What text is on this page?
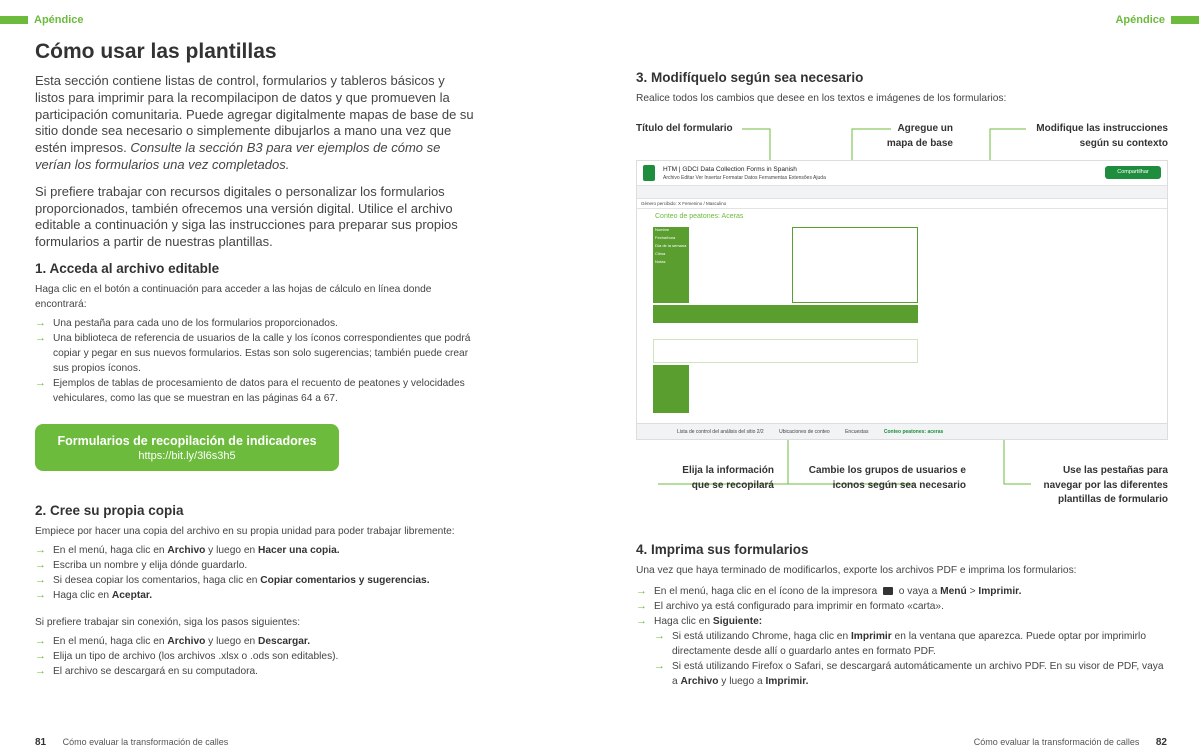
Apéndice	Apéndice
Cómo usar las plantillas

Esta sección contiene listas de control, formularios y tableros básicos y listos para imprimir para la recompilacipon de datos y que promueven la participación comunitaria. Puede agregar digitalmente mapas de base de su sitio donde sea necesario o simplemente dibujarlos a mano una vez que estén impresos. Consulte la sección B3 para ver ejemplos de cómo se verían los formularios una vez completados.

Si prefiere trabajar con recursos digitales o personalizar los formularios proporcionados, también ofrecemos una versión digital. Utilice el archivo editable a continuación y siga las instrucciones para preparar sus propios formularios a partir de nuestras plantillas.

1. Acceda al archivo editable

Haga clic en el botón a continuación para acceder a las hojas de cálculo en línea donde encontrará:

→ Una pestaña para cada uno de los formularios proporcionados.
→ Una biblioteca de referencia de usuarios de la calle y los íconos correspondientes que podrá copiar y pegar en sus nuevos formularios. Estas son solo sugerencias; también puede crear sus propios íconos.
→ Ejemplos de tablas de procesamiento de datos para el recuento de peatones y velocidades vehiculares, como las que se muestran en las páginas 64 a 67.
Formularios de recopilación de indicadores
https://bit.ly/3l6s3h5
2. Cree su propia copia

Empiece por hacer una copia del archivo en su propia unidad para poder trabajar libremente:

→ En el menú, haga clic en Archivo y luego en Hacer una copia.
→ Escriba un nombre y elija dónde guardarlo.
→ Si desea copiar los comentarios, haga clic en Copiar comentarios y sugerencias.
→ Haga clic en Aceptar.

Si prefiere trabajar sin conexión, siga los pasos siguientes:

→ En el menú, haga clic en Archivo y luego en Descargar.
→ Elija un tipo de archivo (los archivos .xlsx o .ods son editables).
→ El archivo se descargará en su computadora.
3. Modifíquelo según sea necesario

Realice todos los cambios que desee en los textos e imágenes de los formularios:

Título del formulario	Agregue un
mapa de base
Modifique las instrucciones
según su contexto
HTM | GDCI Data Collection Forms in Spanish
Archivo Editar Ver Insertar Formatar Datos Ferramentas Extensões Ajuda
Compartilhar
Género percibido: X Femenino / Masculino
Conteo de peatones: Aceras
Nombre
Fecha/hora
Día de la semana
Clima
Notas
Lista de control del análisis del sitio 2/2	Ubicaciones de conteo	Encuestas	Conteo peatones: aceras
Elija la información
que se recopilará
Cambie los grupos de usuarios e
iconos según sea necesario
Use las pestañas para
navegar por las diferentes
plantillas de formulario
4. Imprima sus formularios

Una vez que haya terminado de modificarlos, exporte los archivos PDF e imprima los formularios:

→ En el menú, haga clic en el ícono de la impresora  o vaya a Menú > Imprimir.
→ El archivo ya está configurado para imprimir en formato «carta».
→ Haga clic en Siguiente:
→ Si está utilizando Chrome, haga clic en Imprimir en la ventana que aparezca. Puede optar por imprimirlo directamente desde allí o guardarlo antes en formato PDF.
→ Si está utilizando Firefox o Safari, se descargará automáticamente un archivo PDF. En su visor de PDF, vaya a Archivo y luego a Imprimir.
81 Cómo evaluar la transformación de calles	Cómo evaluar la transformación de calles 82
